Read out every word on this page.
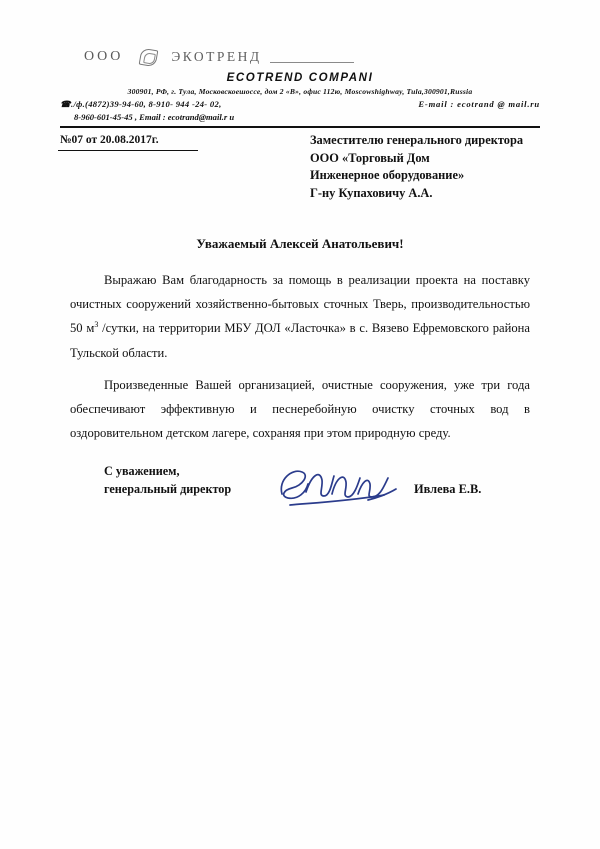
ООО	ЭКОТРЕНД
ECOTREND COMPANI
300901, РФ, г. Тула, Московскоешоссе, дом 2 «В», офис 112ю, Moscowshighway, Tula,300901,Russia
☎./ф.(4872)39-94-60, 8-910- 944 -24- 02,	E-mail : ecotrand @ mail.ru
8-960-601-45-45 , Email : ecotrand@mail.r u
№07 от 20.08.2017г.	Заместителю генерального директора
ООО «Торговый Дом
Инженерное оборудование»
Г-ну Купаховичу А.А.
Уважаемый Алексей Анатольевич!

Выражаю Вам благодарность за помощь в реализации проекта на поставку очистных сооружений хозяйственно-бытовых сточных Тверь, производительностью 50 $м^3$ /сутки, на территории МБУ ДОЛ «Ласточка» в с. Вязево Ефремовского района Тульской области.

Произведенные Вашей организацией, очистные сооружения, уже три года обеспечивают эффективную и песнеребойную очистку сточных вод в оздоровительном детском лагере, сохраняя при этом природную среду.

С уважением,
генеральный директор	Ивлева Е.В.
